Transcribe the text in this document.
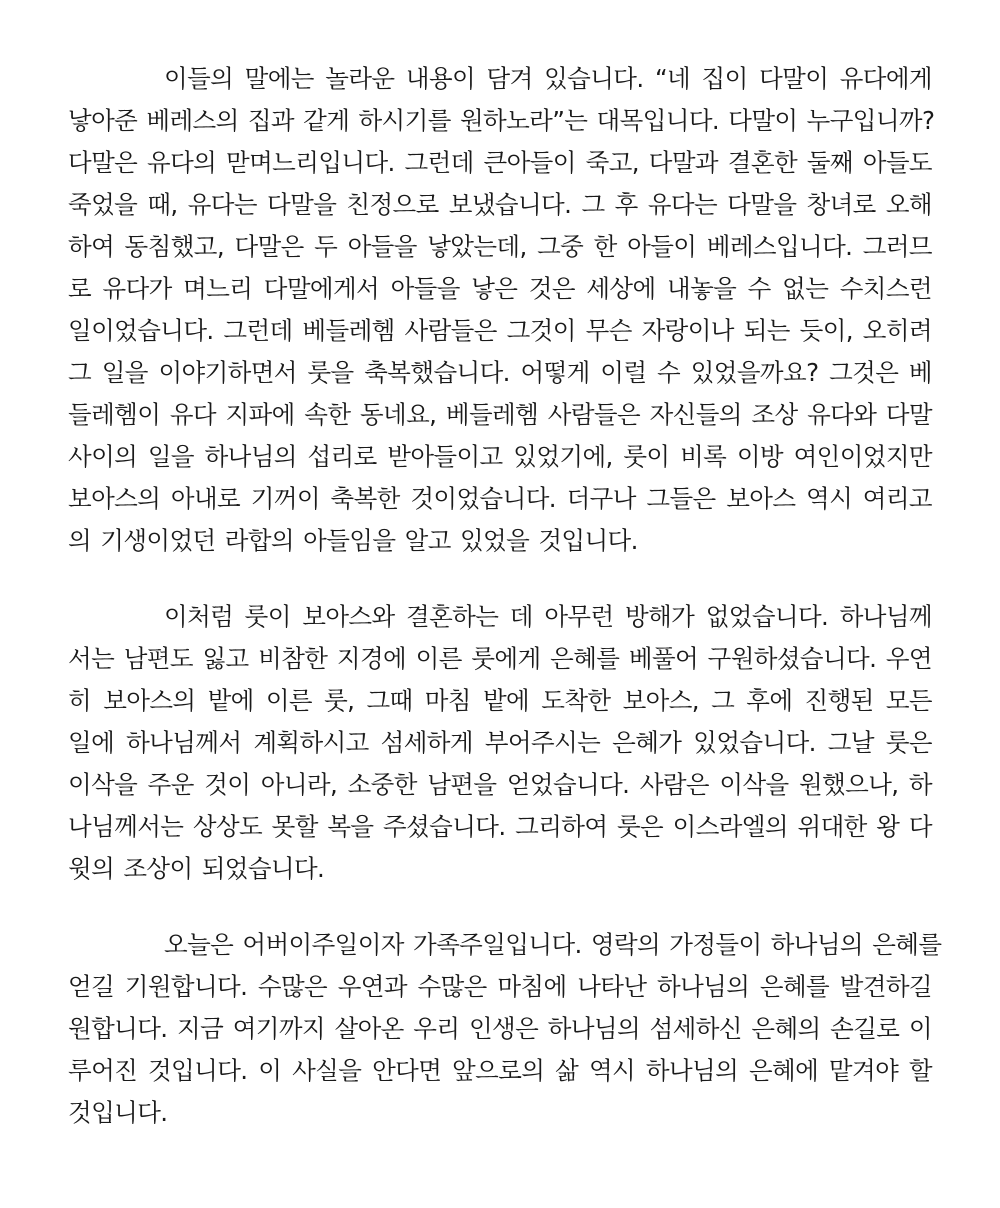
이들의 말에는 놀라운 내용이 담겨 있습니다. “네 집이 다말이 유다에게
낳아준 베레스의 집과 같게 하시기를 원하노라”는 대목입니다. 다말이 누구입니까?
다말은 유다의 맏며느리입니다. 그런데 큰아들이 죽고, 다말과 결혼한 둘째 아들도
죽었을 때, 유다는 다말을 친정으로 보냈습니다. 그 후 유다는 다말을 창녀로 오해
하여 동침했고, 다말은 두 아들을 낳았는데, 그중 한 아들이 베레스입니다. 그러므
로 유다가 며느리 다말에게서 아들을 낳은 것은 세상에 내놓을 수 없는 수치스런
일이었습니다. 그런데 베들레헴 사람들은 그것이 무슨 자랑이나 되는 듯이, 오히려
그 일을 이야기하면서 룻을 축복했습니다. 어떻게 이럴 수 있었을까요? 그것은 베
들레헴이 유다 지파에 속한 동네요, 베들레헴 사람들은 자신들의 조상 유다와 다말
사이의 일을 하나님의 섭리로 받아들이고 있었기에, 룻이 비록 이방 여인이었지만
보아스의 아내로 기꺼이 축복한 것이었습니다. 더구나 그들은 보아스 역시 여리고
의 기생이었던 라합의 아들임을 알고 있었을 것입니다.
이처럼 룻이 보아스와 결혼하는 데 아무런 방해가 없었습니다. 하나님께
서는 남편도 잃고 비참한 지경에 이른 룻에게 은혜를 베풀어 구원하셨습니다. 우연
히 보아스의 밭에 이른 룻, 그때 마침 밭에 도착한 보아스, 그 후에 진행된 모든
일에 하나님께서 계획하시고 섬세하게 부어주시는 은혜가 있었습니다. 그날 룻은
이삭을 주운 것이 아니라, 소중한 남편을 얻었습니다. 사람은 이삭을 원했으나, 하
나님께서는 상상도 못할 복을 주셨습니다. 그리하여 룻은 이스라엘의 위대한 왕 다
윗의 조상이 되었습니다.
오늘은 어버이주일이자 가족주일입니다. 영락의 가정들이 하나님의 은혜를
얻길 기원합니다. 수많은 우연과 수많은 마침에 나타난 하나님의 은혜를 발견하길
원합니다. 지금 여기까지 살아온 우리 인생은 하나님의 섬세하신 은혜의 손길로 이
루어진 것입니다. 이 사실을 안다면 앞으로의 삶 역시 하나님의 은혜에 맡겨야 할
것입니다.
